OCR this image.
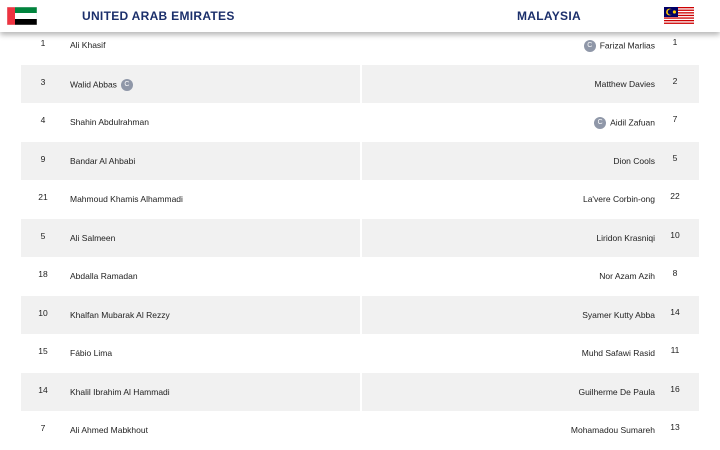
UNITED ARAB EMIRATES	MALAYSIA
1	Ali Khasif	C Farizal Marlias	1
3	Walid Abbas C	Matthew Davies	2
4	Shahin Abdulrahman	C Aidil Zafuan	7
9	Bandar Al Ahbabi	Dion Cools	5
21	Mahmoud Khamis Alhammadi	La'vere Corbin-ong	22
5	Ali Salmeen	Liridon Krasniqi	10
18	Abdalla Ramadan	Nor Azam Azih	8
10	Khalfan Mubarak Al Rezzy	Syamer Kutty Abba	14
15	Fábio Lima	Muhd Safawi Rasid	11
14	Khalil Ibrahim Al Hammadi	Guilherme De Paula	16
7	Ali Ahmed Mabkhout	Mohamadou Sumareh	13
